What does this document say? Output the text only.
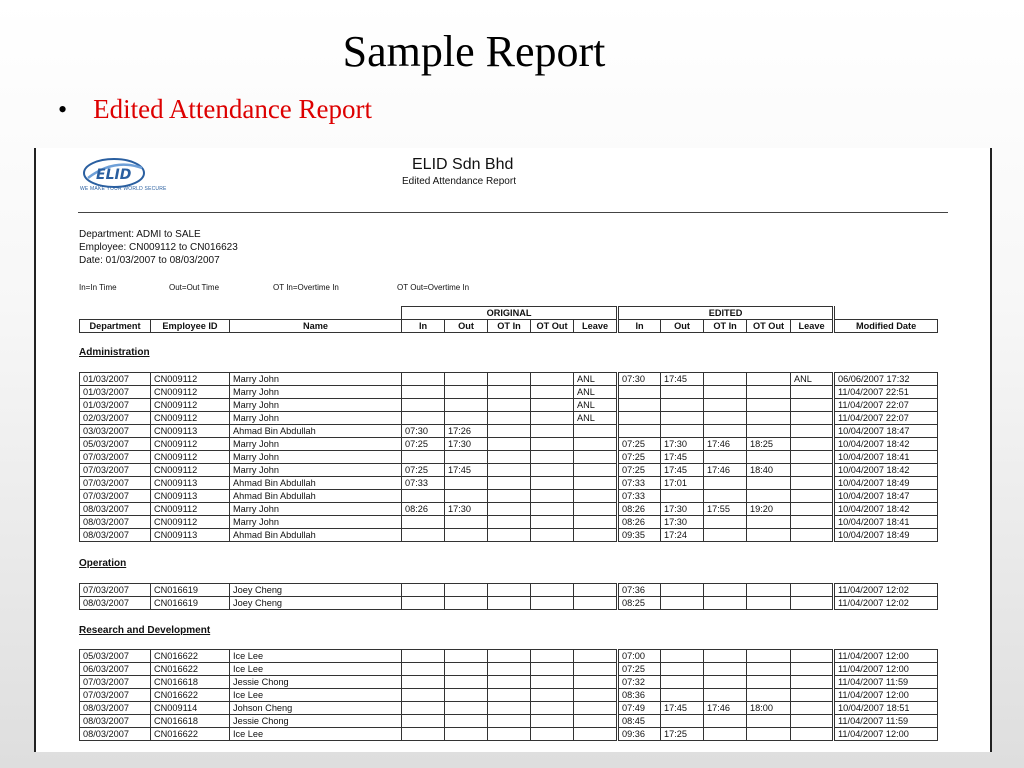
Sample Report
• Edited Attendance Report
ELID
WE MAKE YOUR WORLD SECURE
ELID Sdn Bhd
Edited Attendance Report
Department: ADMI to SALE
Employee: CN009112 to CN016623
Date: 01/03/2007 to 08/03/2007
In=In Time	Out=Out Time	OT In=Overtime In	OT Out=Overtime In
			ORIGINAL					EDITED					
Department	Employee ID	Name	In	Out	OT In	OT Out	Leave	In	Out	OT In	OT Out	Leave	Modified Date
Administration
01/03/2007	CN009112	Marry John					ANL	07:30	17:45			ANL	06/06/2007 17:32
01/03/2007	CN009112	Marry John					ANL						11/04/2007 22:51
01/03/2007	CN009112	Marry John					ANL						11/04/2007 22:07
02/03/2007	CN009112	Marry John					ANL						11/04/2007 22:07
03/03/2007	CN009113	Ahmad Bin Abdullah	07:30	17:26									10/04/2007 18:47
05/03/2007	CN009112	Marry John	07:25	17:30				07:25	17:30	17:46	18:25		10/04/2007 18:42
07/03/2007	CN009112	Marry John						07:25	17:45				10/04/2007 18:41
07/03/2007	CN009112	Marry John	07:25	17:45				07:25	17:45	17:46	18:40		10/04/2007 18:42
07/03/2007	CN009113	Ahmad Bin Abdullah	07:33					07:33	17:01				10/04/2007 18:49
07/03/2007	CN009113	Ahmad Bin Abdullah						07:33					10/04/2007 18:47
08/03/2007	CN009112	Marry John	08:26	17:30				08:26	17:30	17:55	19:20		10/04/2007 18:42
08/03/2007	CN009112	Marry John						08:26	17:30				10/04/2007 18:41
08/03/2007	CN009113	Ahmad Bin Abdullah						09:35	17:24				10/04/2007 18:49
Operation
07/03/2007	CN016619	Joey Cheng						07:36					11/04/2007 12:02
08/03/2007	CN016619	Joey Cheng						08:25					11/04/2007 12:02
Research and Development
05/03/2007	CN016622	Ice Lee						07:00					11/04/2007 12:00
06/03/2007	CN016622	Ice Lee						07:25					11/04/2007 12:00
07/03/2007	CN016618	Jessie Chong						07:32					11/04/2007 11:59
07/03/2007	CN016622	Ice Lee						08:36					11/04/2007 12:00
08/03/2007	CN009114	Johson Cheng						07:49	17:45	17:46	18:00		10/04/2007 18:51
08/03/2007	CN016618	Jessie Chong						08:45					11/04/2007 11:59
08/03/2007	CN016622	Ice Lee						09:36	17:25				11/04/2007 12:00
